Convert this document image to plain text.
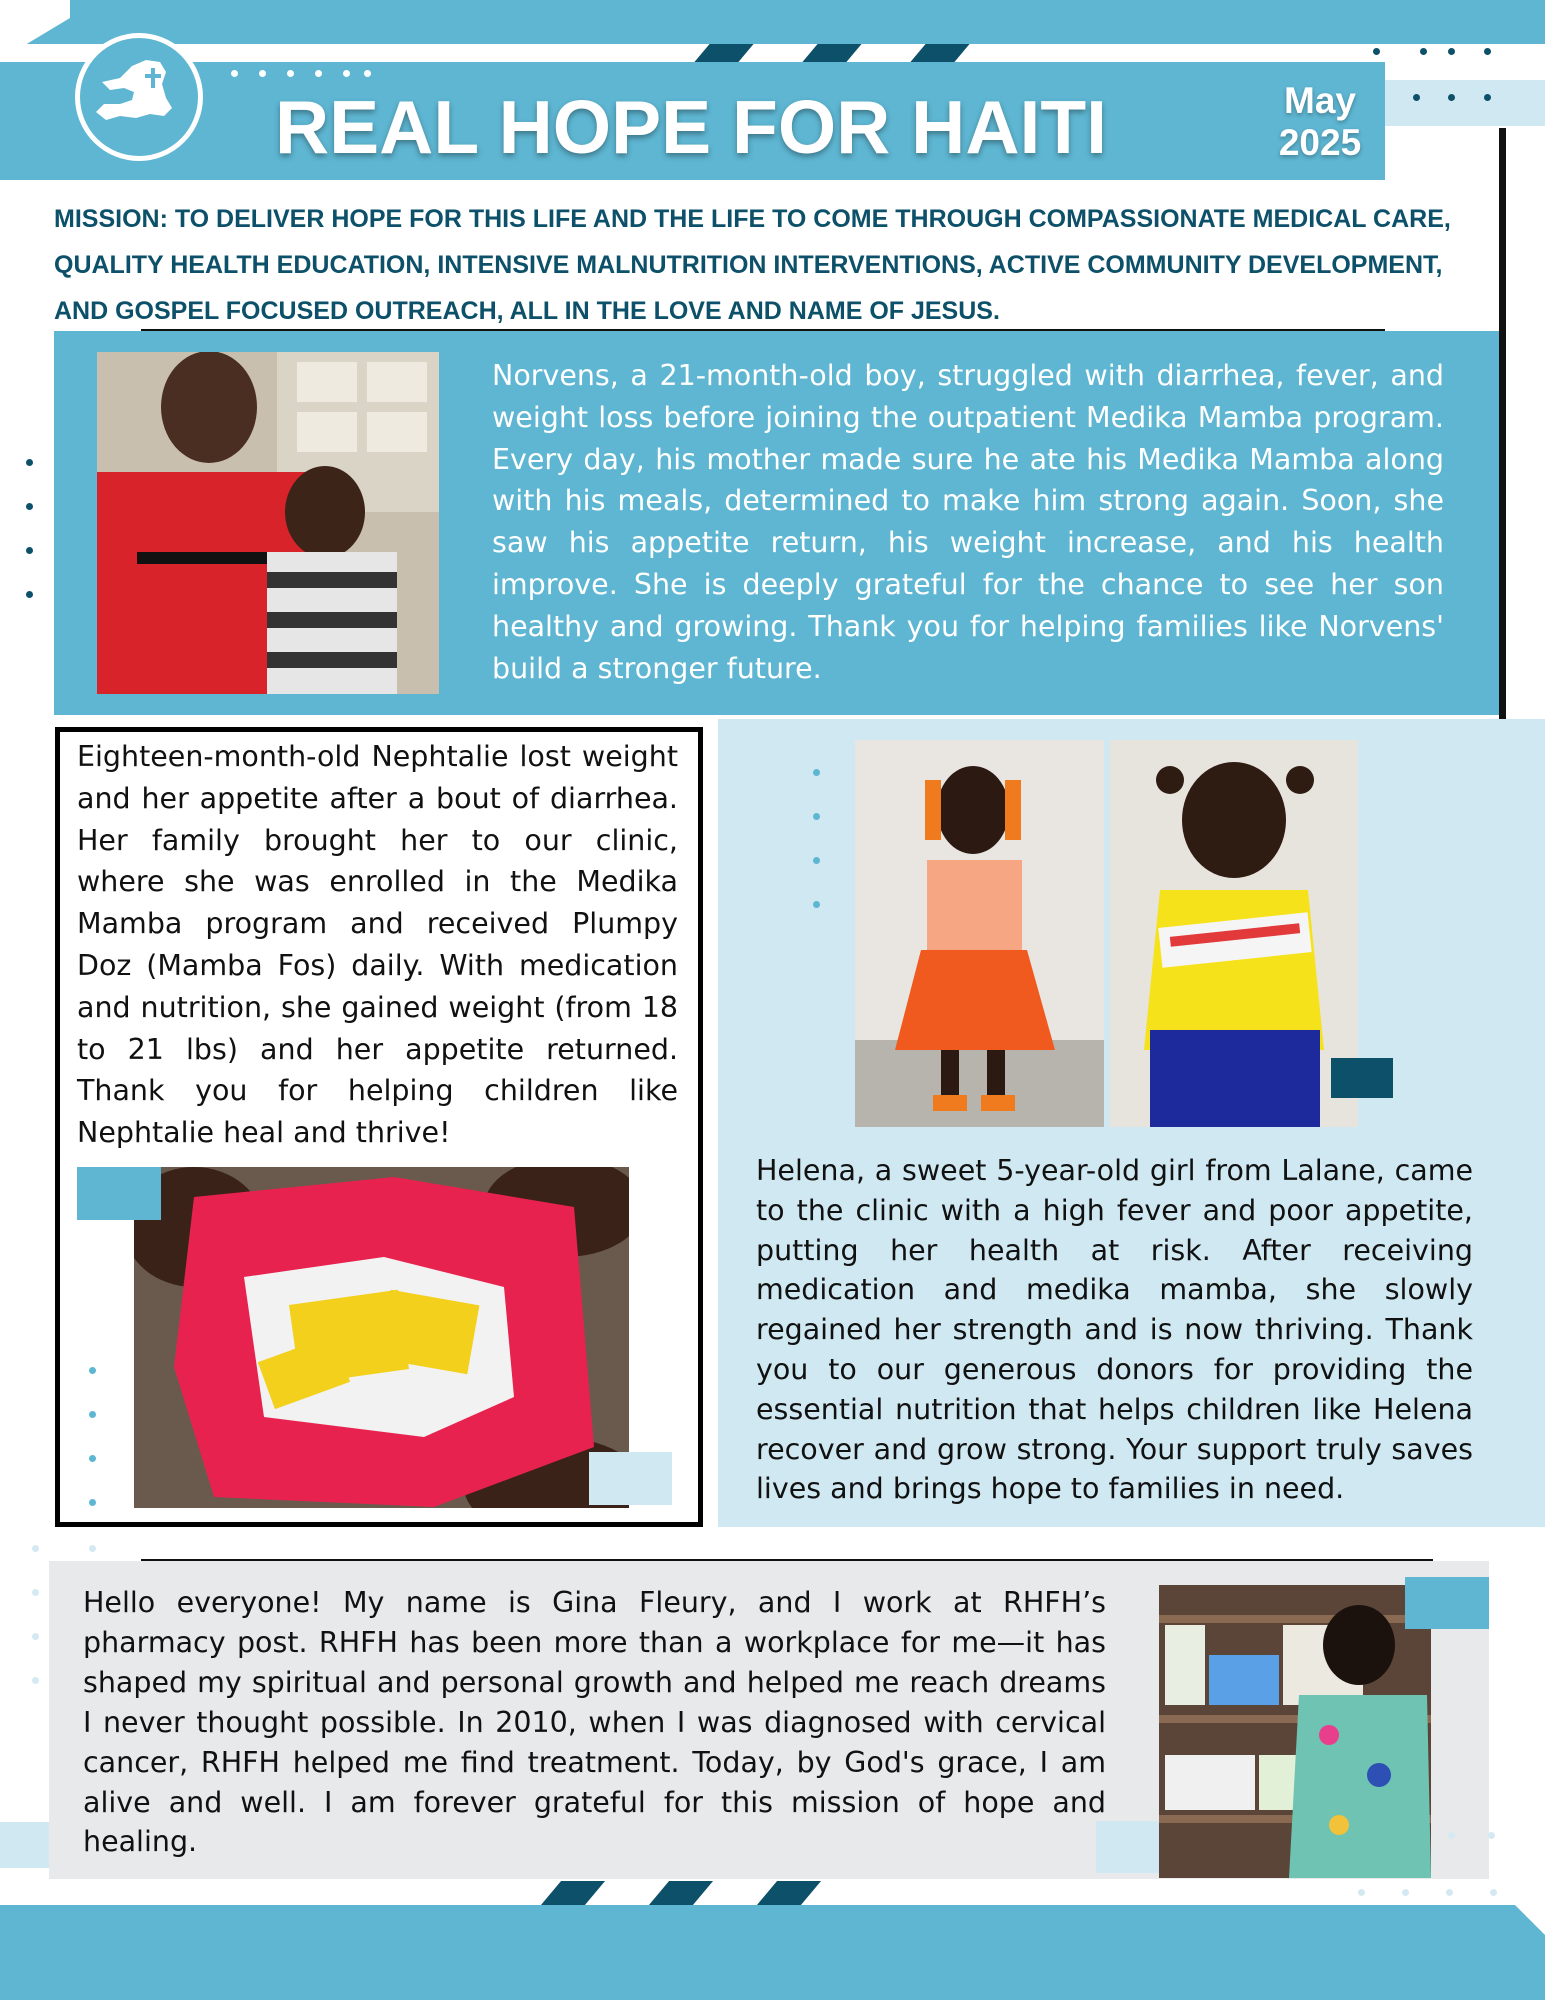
REAL HOPE FOR HAITI	May
2025
MISSION: TO DELIVER HOPE FOR THIS LIFE AND THE LIFE TO COME THROUGH COMPASSIONATE MEDICAL CARE, QUALITY HEALTH EDUCATION, INTENSIVE MALNUTRITION INTERVENTIONS, ACTIVE COMMUNITY DEVELOPMENT, AND GOSPEL FOCUSED OUTREACH, ALL IN THE LOVE AND NAME OF JESUS.
Norvens, a 21-month-old boy, struggled with diarrhea, fever, and weight loss before joining the outpatient Medika Mamba program. Every day, his mother made sure he ate his Medika Mamba along with his meals, determined to make him strong again. Soon, she saw his appetite return, his weight increase, and his health improve. She is deeply grateful for the chance to see her son healthy and growing. Thank you for helping families like Norvens' build a stronger future.
Eighteen-month-old Nephtalie lost weight and her appetite after a bout of diarrhea. Her family brought her to our clinic, where she was enrolled in the Medika Mamba program and received Plumpy Doz (Mamba Fos) daily. With medication and nutrition, she gained weight (from 18 to 21 lbs) and her appetite returned. Thank you for helping children like Nephtalie heal and thrive!
Helena, a sweet 5-year-old girl from Lalane, came to the clinic with a high fever and poor appetite, putting her health at risk. After receiving medication and medika mamba, she slowly regained her strength and is now thriving. Thank you to our generous donors for providing the essential nutrition that helps children like Helena recover and grow strong. Your support truly saves lives and brings hope to families in need.
Hello everyone! My name is Gina Fleury, and I work at RHFH’s pharmacy post. RHFH has been more than a workplace for me—it has shaped my spiritual and personal growth and helped me reach dreams I never thought possible. In 2010, when I was diagnosed with cervical cancer, RHFH helped me find treatment. Today, by God's grace, I am alive and well. I am forever grateful for this mission of hope and healing.
